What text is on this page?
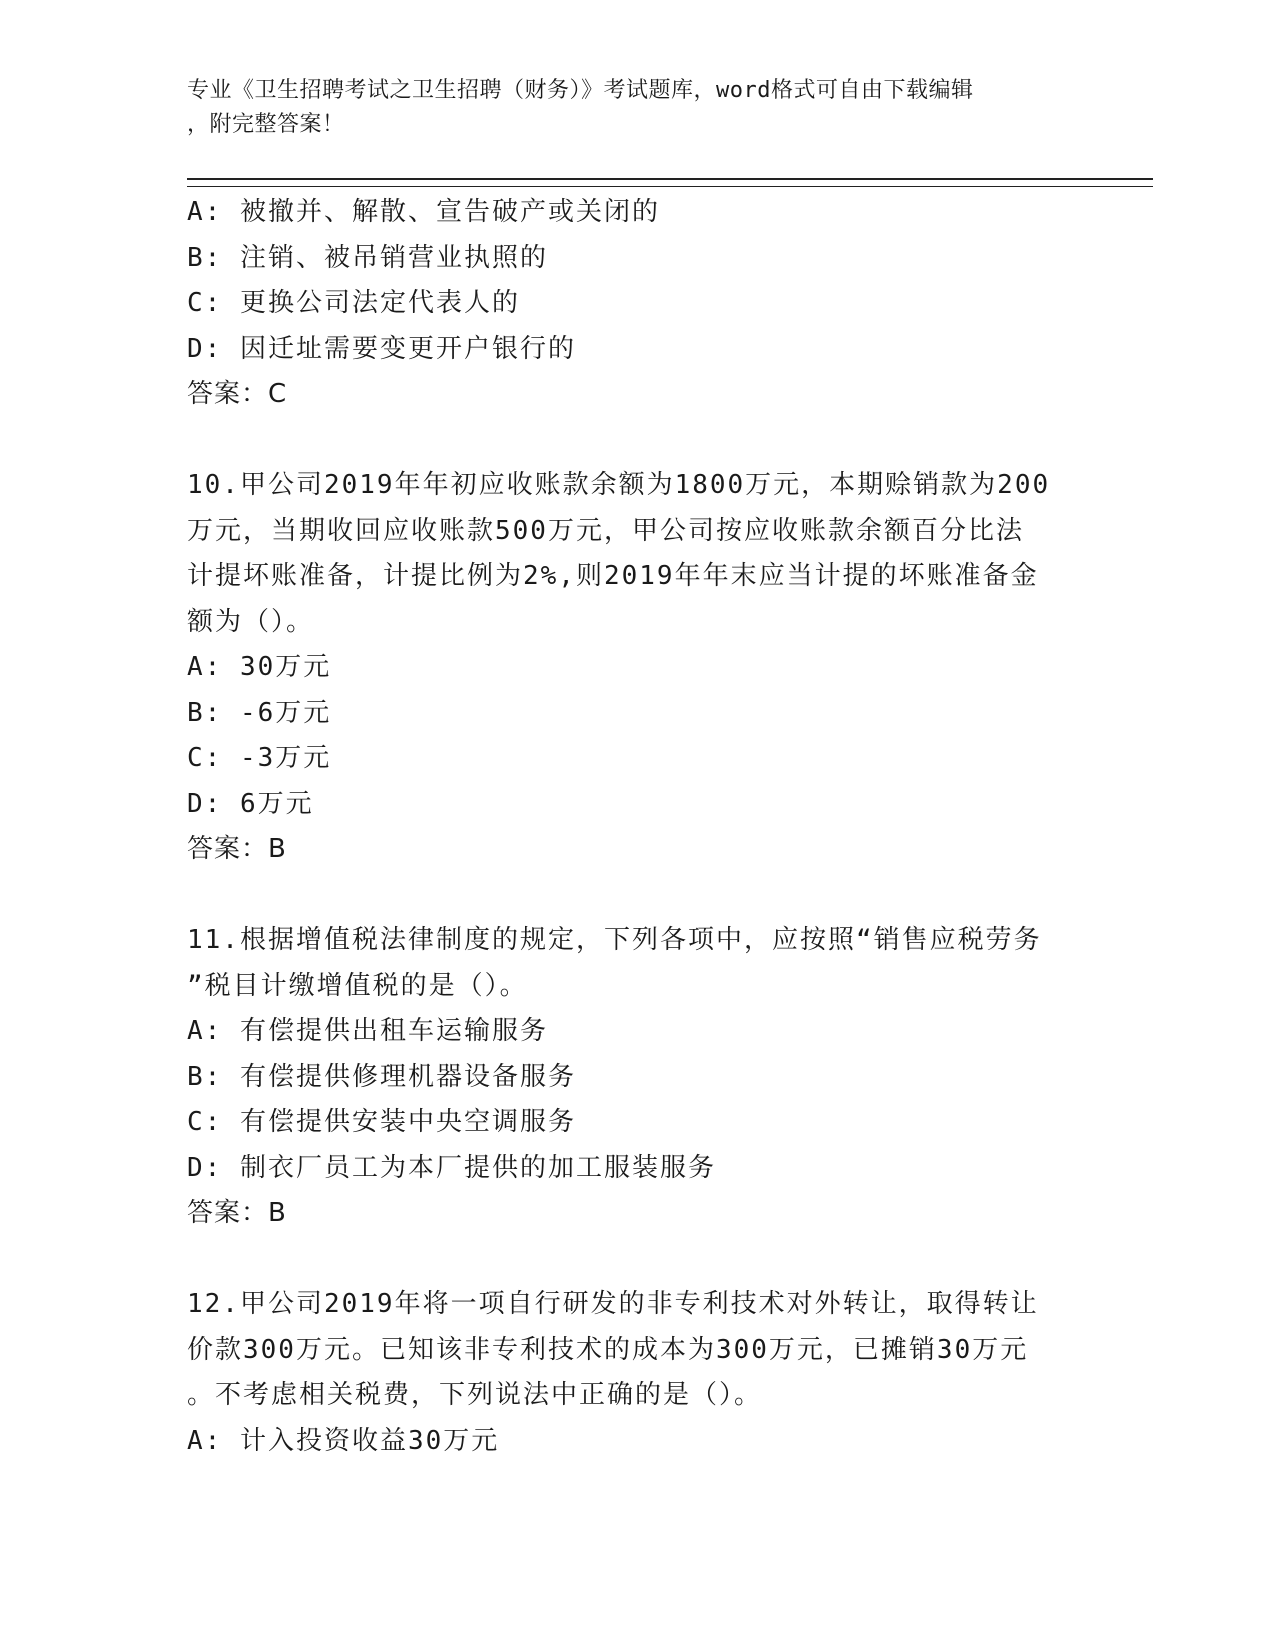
专业《卫生招聘考试之卫生招聘（财务）》考试题库，word格式可自由下载编辑
，附完整答案！
A: 被撤并、解散、宣告破产或关闭的
B: 注销、被吊销营业执照的
C: 更换公司法定代表人的
D: 因迁址需要变更开户银行的
答案：C
10.甲公司2019年年初应收账款余额为1800万元，本期赊销款为200
万元，当期收回应收账款500万元，甲公司按应收账款余额百分比法
计提坏账准备，计提比例为2%,则2019年年末应当计提的坏账准备金
额为（）。
A: 30万元
B: -6万元
C: -3万元
D: 6万元
答案：B
11.根据增值税法律制度的规定，下列各项中，应按照“销售应税劳务
”税目计缴增值税的是（）。
A: 有偿提供出租车运输服务
B: 有偿提供修理机器设备服务
C: 有偿提供安装中央空调服务
D: 制衣厂员工为本厂提供的加工服装服务
答案：B
12.甲公司2019年将一项自行研发的非专利技术对外转让，取得转让
价款300万元。已知该非专利技术的成本为300万元，已摊销30万元
。不考虑相关税费，下列说法中正确的是（）。
A: 计入投资收益30万元
